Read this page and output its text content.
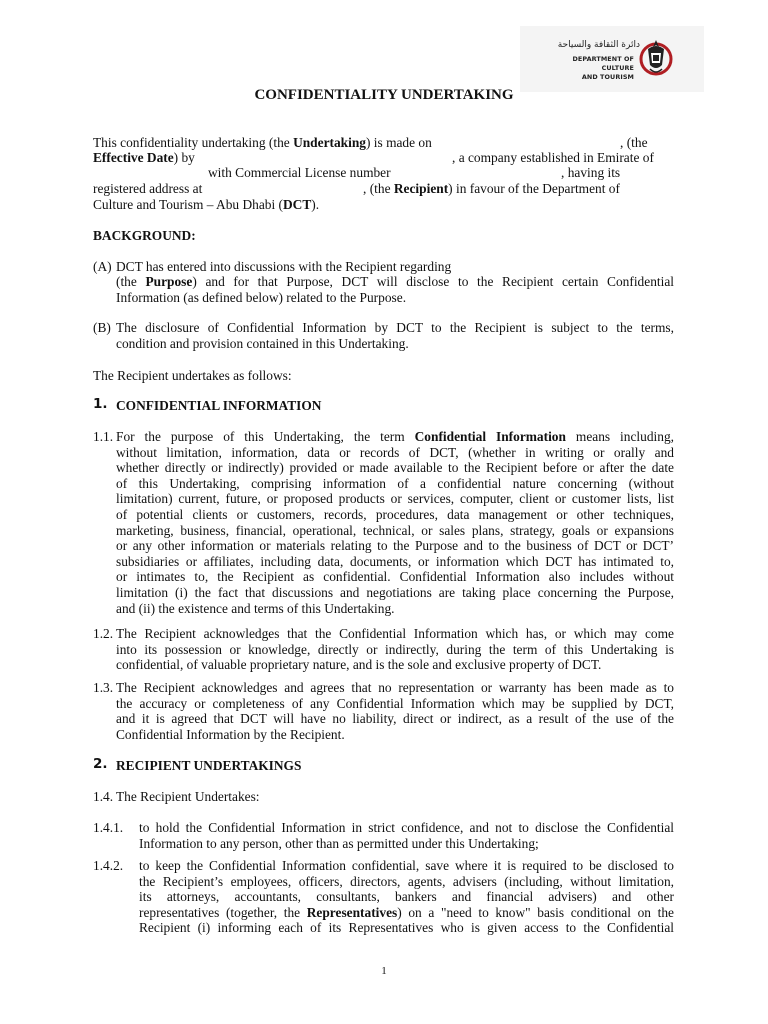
دائرة الثقافة والسياحة
DEPARTMENT OF CULTURE
AND TOURISM
CONFIDENTIALITY UNDERTAKING
This confidentiality undertaking (the Undertaking) is made on	, (the
Effective Date) by	, a company established in Emirate of
with Commercial License number	, having its
registered address at	, (the Recipient) in favour of the Department of
Culture and Tourism – Abu Dhabi (DCT).
BACKGROUND:
(A) DCT has entered into discussions with the Recipient regarding
(the Purpose) and for that Purpose, DCT will disclose to the Recipient certain Confidential
Information (as defined below) related to the Purpose.
(B) The disclosure of Confidential Information by DCT to the Recipient is subject to the terms,
condition and provision contained in this Undertaking.
The Recipient undertakes as follows:
1. CONFIDENTIAL INFORMATION
1.1. For the purpose of this Undertaking, the term Confidential Information means including,
without limitation, information, data or records of DCT, (whether in writing or orally and
whether directly or indirectly) provided or made available to the Recipient before or after the date
of this Undertaking, comprising information of a confidential nature concerning (without
limitation) current, future, or proposed products or services, computer, client or customer lists, list
of potential clients or customers, records, procedures, data management or other techniques,
marketing, business, financial, operational, technical, or sales plans, strategy, goals or expansions
or any other information or materials relating to the Purpose and to the business of DCT or DCT’
subsidiaries or affiliates, including data, documents, or information which DCT has intimated to,
or intimates to, the Recipient as confidential. Confidential Information also includes without
limitation (i) the fact that discussions and negotiations are taking place concerning the Purpose,
and (ii) the existence and terms of this Undertaking.
1.2. The Recipient acknowledges that the Confidential Information which has, or which may come
into its possession or knowledge, directly or indirectly, during the term of this Undertaking is
confidential, of valuable proprietary nature, and is the sole and exclusive property of DCT.
1.3. The Recipient acknowledges and agrees that no representation or warranty has been made as to
the accuracy or completeness of any Confidential Information which may be supplied by DCT,
and it is agreed that DCT will have no liability, direct or indirect, as a result of the use of the
Confidential Information by the Recipient.
2. RECIPIENT UNDERTAKINGS
1.4. The Recipient Undertakes:
1.4.1. to hold the Confidential Information in strict confidence, and not to disclose the Confidential
Information to any person, other than as permitted under this Undertaking;
1.4.2. to keep the Confidential Information confidential, save where it is required to be disclosed to
the Recipient’s employees, officers, directors, agents, advisers (including, without limitation,
its attorneys, accountants, consultants, bankers and financial advisers) and other
representatives (together, the Representatives) on a "need to know" basis conditional on the
Recipient (i) informing each of its Representatives who is given access to the Confidential
1
